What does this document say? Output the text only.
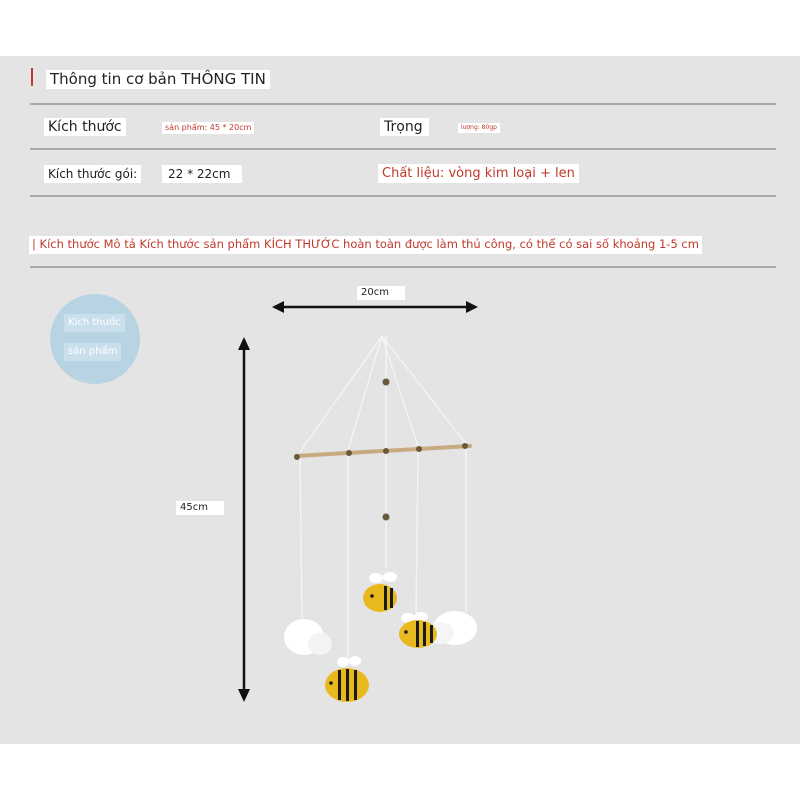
Thông tin cơ bản THÔNG TIN
Kích thước	sản phẩm: 45 * 20cm	Trọng	lượng: 80gp
Kích thước gói:	22 * 22cm	Chất liệu: vòng kim loại + len
| Kích thước Mô tả Kích thước sản phẩm KÍCH THƯỚC hoàn toàn được làm thủ công, có thể có sai số khoảng 1-5 cm
Kích thước
sản phẩm
20cm
45cm
